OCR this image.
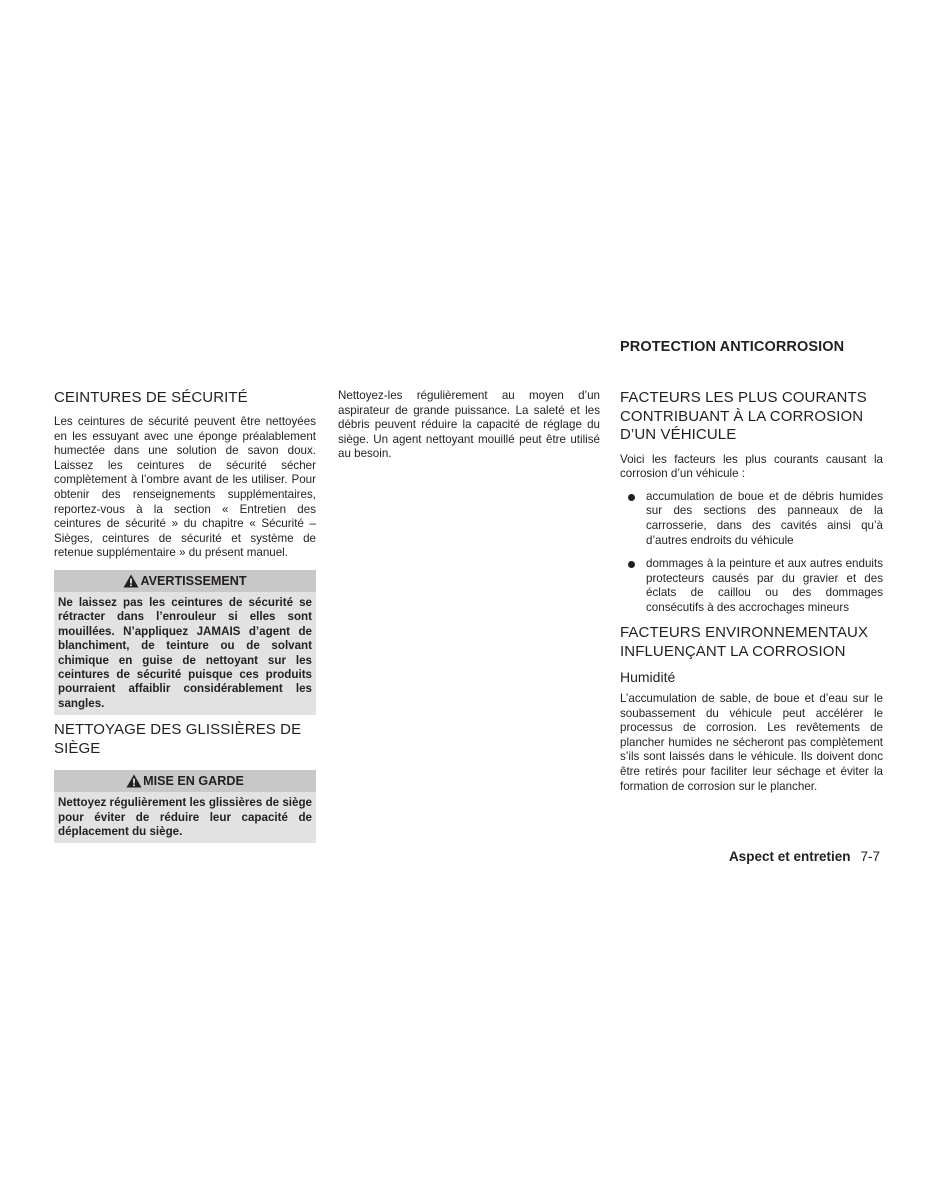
CEINTURES DE SÉCURITÉ

Les ceintures de sécurité peuvent être nettoyées en les essuyant avec une éponge préalablement humectée dans une solution de savon doux. Laissez les ceintures de sécurité sécher complètement à l’ombre avant de les utiliser. Pour obtenir des renseignements supplémentaires, reportez-vous à la section « Entretien des ceintures de sécurité » du chapitre « Sécurité – Sièges, ceintures de sécurité et système de retenue supplémentaire » du présent manuel.

AVERTISSEMENT
Ne laissez pas les ceintures de sécurité se rétracter dans l’enrouleur si elles sont mouillées. N’appliquez JAMAIS d’agent de blanchiment, de teinture ou de solvant chimique en guise de nettoyant sur les ceintures de sécurité puisque ces produits pourraient affaiblir considérablement les sangles.
NETTOYAGE DES GLISSIÈRES DE SIÈGE
MISE EN GARDE
Nettoyez régulièrement les glissières de siège pour éviter de réduire leur capacité de déplacement du siège.

Nettoyez-les régulièrement au moyen d’un aspirateur de grande puissance. La saleté et les débris peuvent réduire la capacité de réglage du siège. Un agent nettoyant mouillé peut être utilisé au besoin.

PROTECTION ANTICORROSION
FACTEURS LES PLUS COURANTS CONTRIBUANT À LA CORROSION D’UN VÉHICULE

Voici les facteurs les plus courants causant la corrosion d’un véhicule :

accumulation de boue et de débris humides sur des sections des panneaux de la carrosserie, dans des cavités ainsi qu’à d’autres endroits du véhicule
dommages à la peinture et aux autres enduits protecteurs causés par du gravier et des éclats de caillou ou des dommages consécutifs à des accrochages mineurs
FACTEURS ENVIRONNEMENTAUX INFLUENÇANT LA CORROSION
Humidité

L’accumulation de sable, de boue et d’eau sur le soubassement du véhicule peut accélérer le processus de corrosion. Les revêtements de plancher humides ne sécheront pas complètement s’ils sont laissés dans le véhicule. Ils doivent donc être retirés pour faciliter leur séchage et éviter la formation de corrosion sur le plancher.

Aspect et entretien 7-7
